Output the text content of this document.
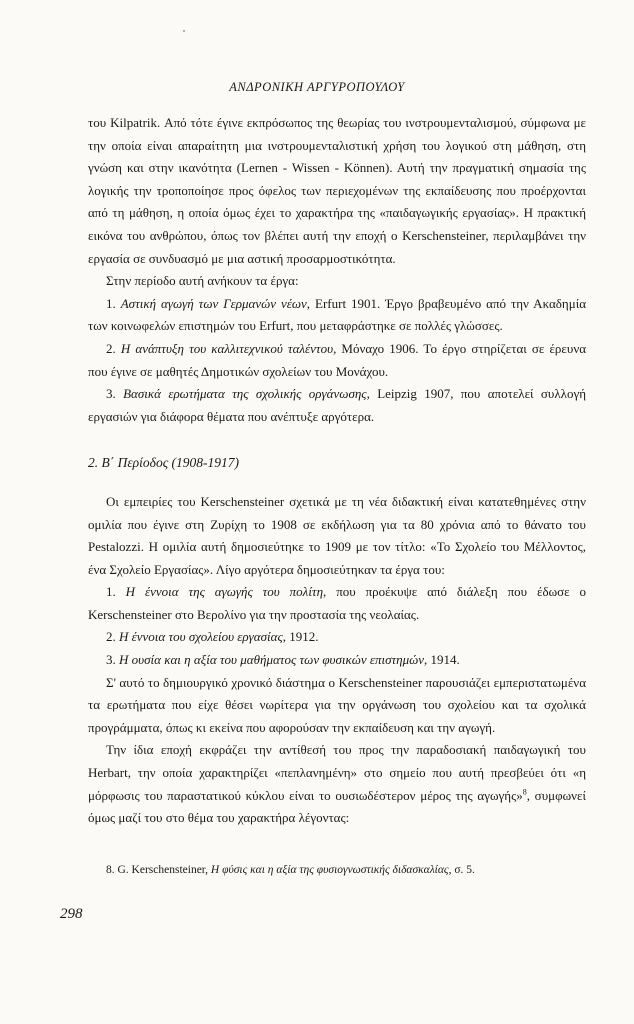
ΑΝΔΡΟΝΙΚΗ ΑΡΓΥΡΟΠΟΥΛΟΥ

του Kilpatrik. Από τότε έγινε εκπρόσωπος της θεωρίας του ινστρουμενταλισμού, σύμφωνα με την οποία είναι απαραίτητη μια ινστρουμενταλιστική χρήση του λογικού στη μάθηση, στη γνώση και στην ικανότητα (Lernen - Wissen - Können). Αυτή την πραγματική σημασία της λογικής την τροποποίησε προς όφελος των περιεχομένων της εκπαίδευσης που προέρχονται από τη μάθηση, η οποία όμως έχει το χαρακτήρα της «παιδαγωγικής εργασίας». Η πρακτική εικόνα του ανθρώπου, όπως τον βλέπει αυτή την εποχή ο Kerschensteiner, περιλαμβάνει την εργασία σε συνδυασμό με μια αστική προσαρμοστικότητα.

Στην περίοδο αυτή ανήκουν τα έργα:

1. Αστική αγωγή των Γερμανών νέων, Erfurt 1901. Έργο βραβευμένο από την Ακαδημία των κοινωφελών επιστημών του Erfurt, που μεταφράστηκε σε πολλές γλώσσες.

2. Η ανάπτυξη του καλλιτεχνικού ταλέντου, Μόναχο 1906. Το έργο στηρίζεται σε έρευνα που έγινε σε μαθητές Δημοτικών σχολείων του Μονάχου.

3. Βασικά ερωτήματα της σχολικής οργάνωσης, Leipzig 1907, που αποτελεί συλλογή εργασιών για διάφορα θέματα που ανέπτυξε αργότερα.

2. Β΄ Περίοδος (1908-1917)

Οι εμπειρίες του Kerschensteiner σχετικά με τη νέα διδακτική είναι κατατεθημένες στην ομιλία που έγινε στη Ζυρίχη το 1908 σε εκδήλωση για τα 80 χρόνια από το θάνατο του Pestalozzi. Η ομιλία αυτή δημοσιεύτηκε το 1909 με τον τίτλο: «Το Σχολείο του Μέλλοντος, ένα Σχολείο Εργασίας». Λίγο αργότερα δημοσιεύτηκαν τα έργα του:

1. Η έννοια της αγωγής του πολίτη, που προέκυψε από διάλεξη που έδωσε ο Kerschensteiner στο Βερολίνο για την προστασία της νεολαίας.

2. Η έννοια του σχολείου εργασίας, 1912.

3. Η ουσία και η αξία του μαθήματος των φυσικών επιστημών, 1914.

Σ' αυτό το δημιουργικό χρονικό διάστημα ο Kerschensteiner παρουσιάζει εμπεριστατωμένα τα ερωτήματα που είχε θέσει νωρίτερα για την οργάνωση του σχολείου και τα σχολικά προγράμματα, όπως κι εκείνα που αφορούσαν την εκπαίδευση και την αγωγή.

Την ίδια εποχή εκφράζει την αντίθεσή του προς την παραδοσιακή παιδαγωγική του Herbart, την οποία χαρακτηρίζει «πεπλανημένη» στο σημείο που αυτή πρεσβεύει ότι «η μόρφωσις του παραστατικού κύκλου είναι το ουσιωδέστερον μέρος της αγωγής»$^8$, συμφωνεί όμως μαζί του στο θέμα του χαρακτήρα λέγοντας:

8. G. Kerschensteiner, Η φύσις και η αξία της φυσιογνωστικής διδασκαλίας, σ. 5.
298
